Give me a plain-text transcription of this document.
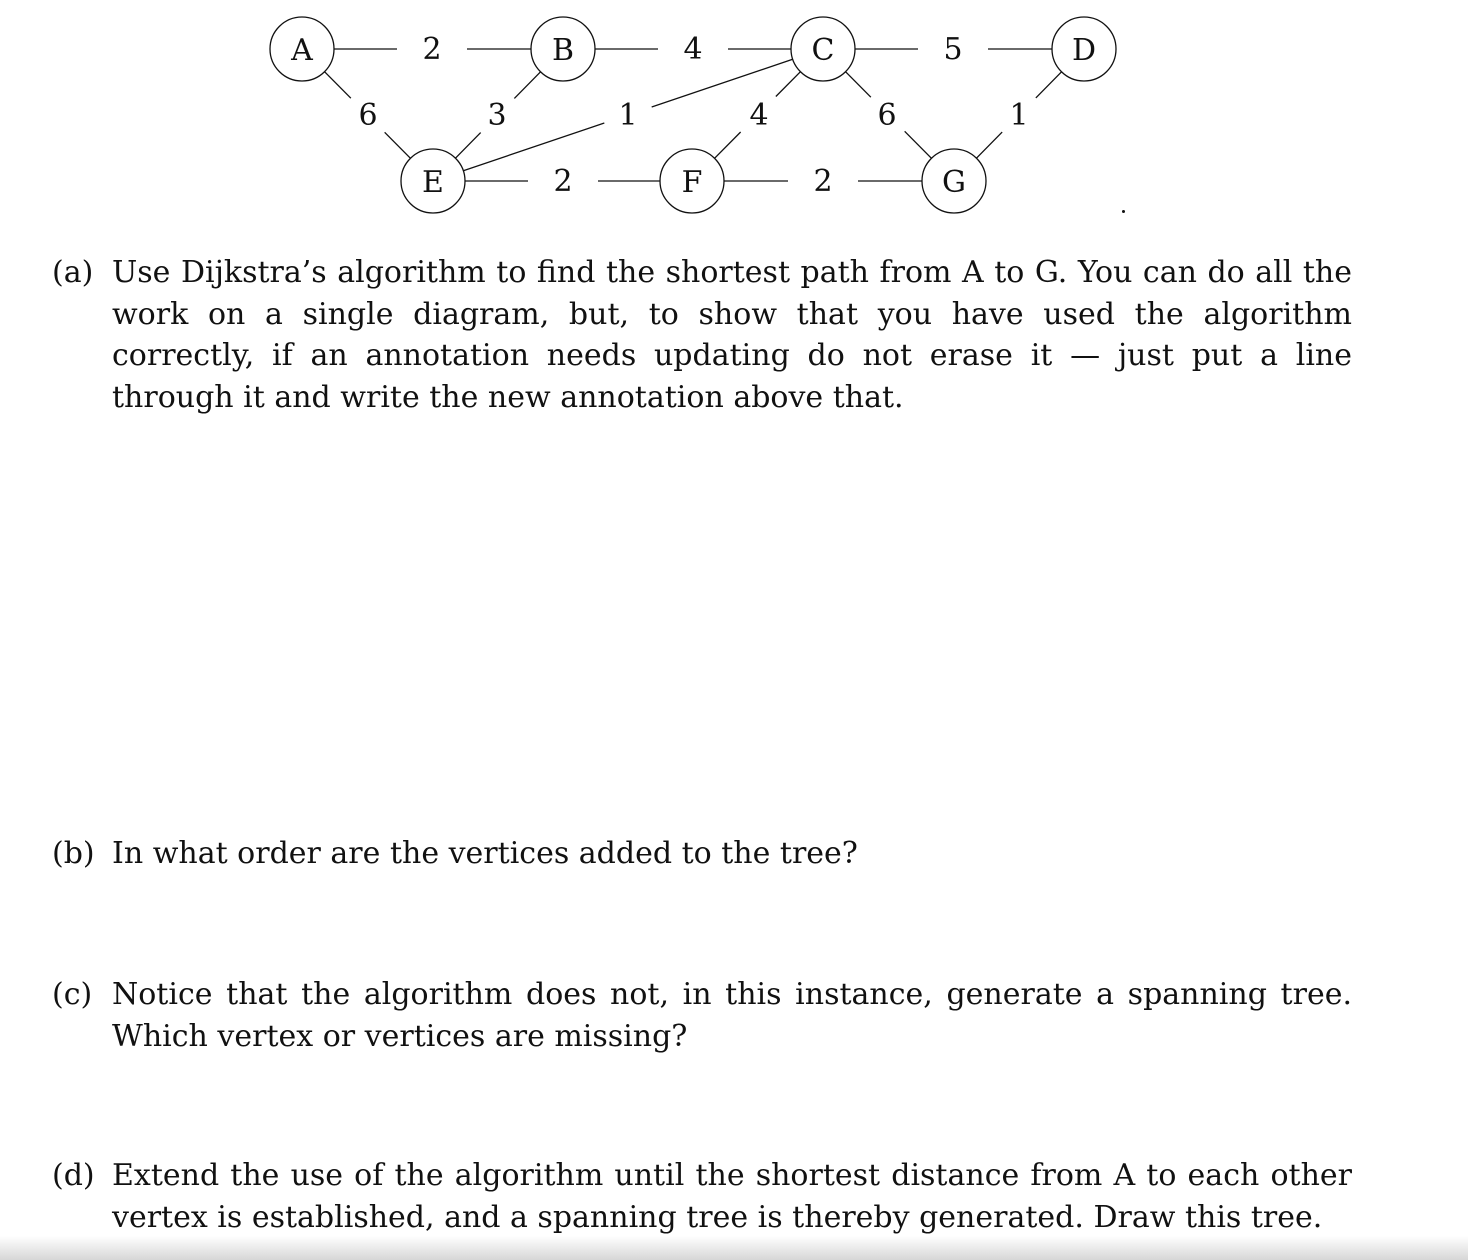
2	4	5
6	3	1	4	6	1
2	2
A	B	C	D
E	F	G
(a) Use Dijkstra’s algorithm to find the shortest path from A to G. You can do all the work on a single diagram, but, to show that you have used the algorithm correctly, if an annotation needs updating do not erase it — just put a line through it and write the new annotation above that.
(b) In what order are the vertices added to the tree?
(c) Notice that the algorithm does not, in this instance, generate a spanning tree. Which vertex or vertices are missing?
(d) Extend the use of the algorithm until the shortest distance from A to each other vertex is established, and a spanning tree is thereby generated. Draw this tree.
